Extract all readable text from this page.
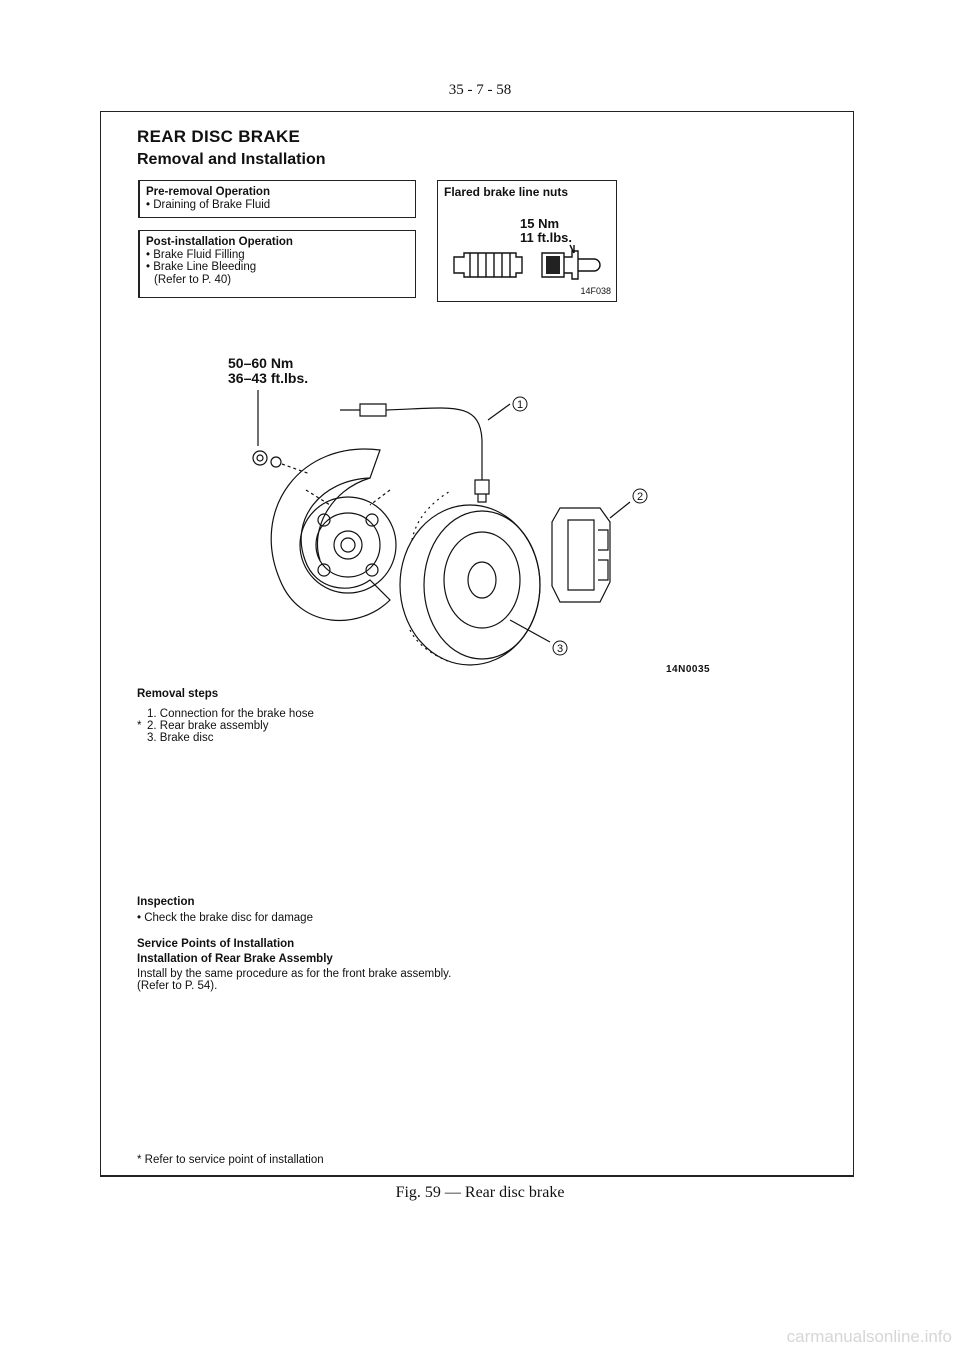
35 - 7 - 58
REAR DISC BRAKE
Removal and Installation
Pre-removal Operation
• Draining of Brake Fluid
Post-installation Operation
• Brake Fluid Filling
• Brake Line Bleeding
(Refer to P. 40)
Flared brake line nuts
15 Nm
11 ft.lbs.
14F038
50–60 Nm
36–43 ft.lbs.
1
2
3
14N0035
Removal steps
1. Connection for the brake hose
* 2. Rear brake assembly
3. Brake disc
Inspection
• Check the brake disc for damage
Service Points of Installation
Installation of Rear Brake Assembly
Install by the same procedure as for the front brake assembly.
(Refer to P. 54).
* Refer to service point of installation
Fig. 59 — Rear disc brake
carmanualsonline.info
